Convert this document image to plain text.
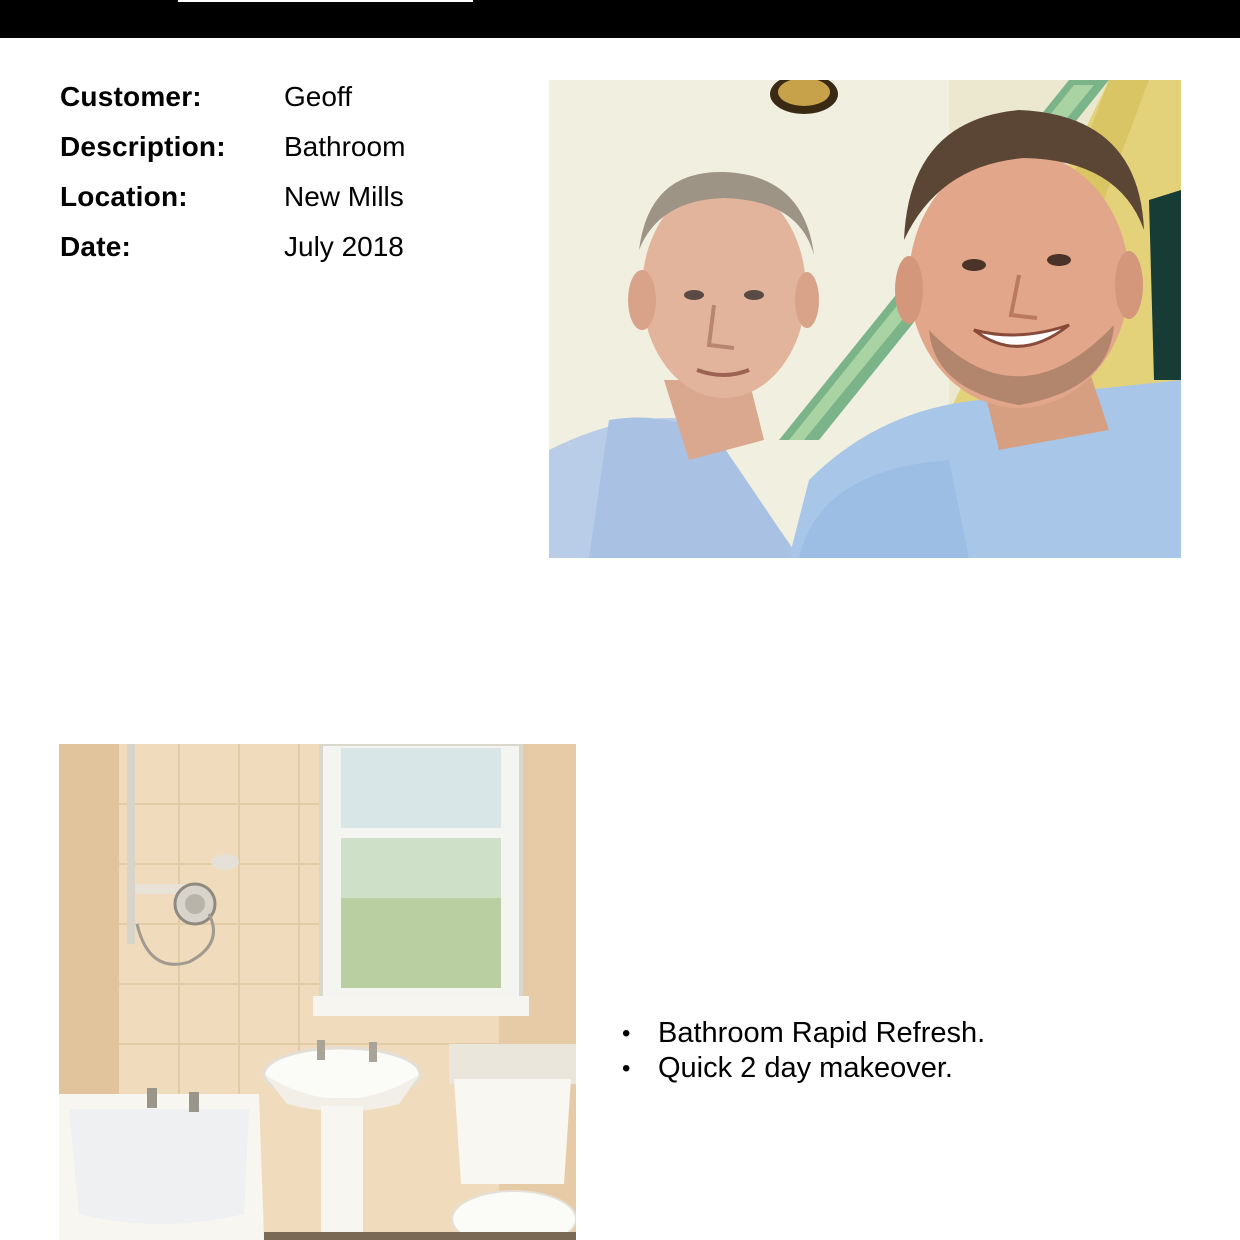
Customer:	Geoff
Description:	Bathroom
Location:	New Mills
Date:	July 2018
• Bathroom Rapid Refresh.
• Quick 2 day makeover.
